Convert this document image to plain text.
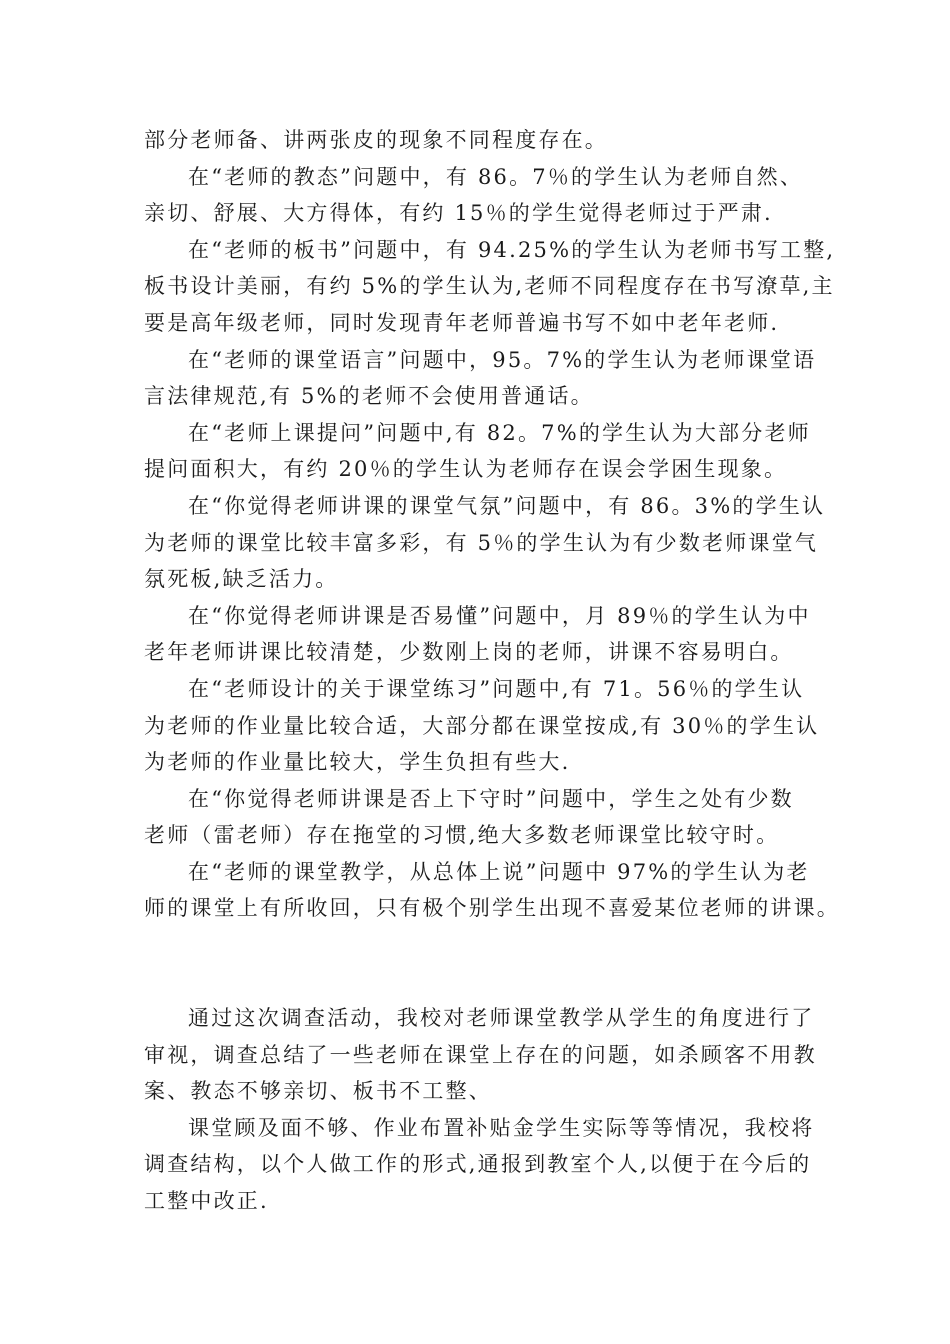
部分老师备、讲两张皮的现象不同程度存在。
在“老师的教态”问题中，有 86。7％的学生认为老师自然、
亲切、舒展、大方得体，有约 15％的学生觉得老师过于严肃.
在“老师的板书”问题中，有 94.25%的学生认为老师书写工整,
板书设计美丽，有约 5%的学生认为,老师不同程度存在书写潦草,主
要是高年级老师，同时发现青年老师普遍书写不如中老年老师.
在“老师的课堂语言”问题中，95。7%的学生认为老师课堂语
言法律规范,有 5%的老师不会使用普通话。
在“老师上课提问”问题中,有 82。7%的学生认为大部分老师
提问面积大，有约 20％的学生认为老师存在误会学困生现象。
在“你觉得老师讲课的课堂气氛”问题中，有 86。3%的学生认
为老师的课堂比较丰富多彩，有 5％的学生认为有少数老师课堂气
氛死板,缺乏活力。
在“你觉得老师讲课是否易懂”问题中，月 89％的学生认为中
老年老师讲课比较清楚，少数刚上岗的老师，讲课不容易明白。
在“老师设计的关于课堂练习”问题中,有 71。56％的学生认
为老师的作业量比较合适，大部分都在课堂按成,有 30％的学生认
为老师的作业量比较大，学生负担有些大.
在“你觉得老师讲课是否上下守时”问题中，学生之处有少数
老师（雷老师）存在拖堂的习惯,绝大多数老师课堂比较守时。
在“老师的课堂教学，从总体上说”问题中 97%的学生认为老
师的课堂上有所收回，只有极个别学生出现不喜爱某位老师的讲课。
通过这次调查活动，我校对老师课堂教学从学生的角度进行了
审视，调查总结了一些老师在课堂上存在的问题，如杀顾客不用教
案、教态不够亲切、板书不工整、
课堂顾及面不够、作业布置补贴金学生实际等等情况，我校将
调查结构，以个人做工作的形式,通报到教室个人,以便于在今后的
工整中改正.
